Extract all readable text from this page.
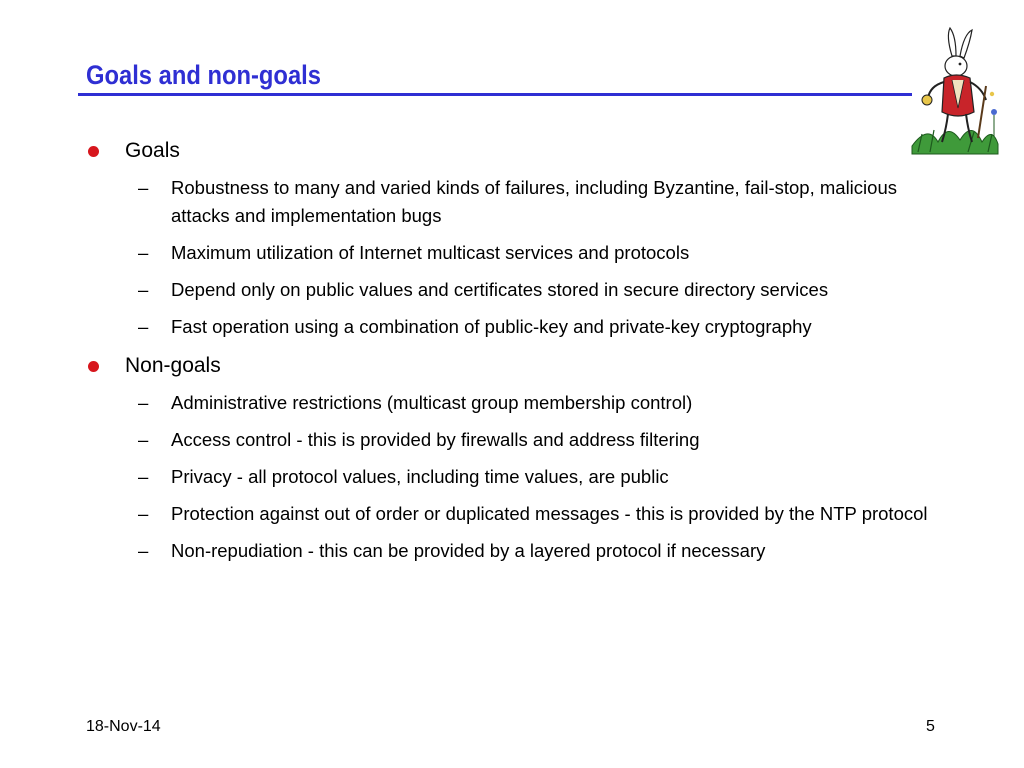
Goals and non-goals
Goals
– Robustness to many and varied kinds of failures, including Byzantine, fail-stop, malicious attacks and implementation bugs
– Maximum utilization of Internet multicast services and protocols
– Depend only on public values and certificates stored in secure directory services
– Fast operation using a combination of public-key and private-key cryptography
Non-goals
– Administrative restrictions (multicast group membership control)
– Access control - this is provided by firewalls and address filtering
– Privacy - all protocol values, including time values, are public
– Protection against out of order or duplicated messages - this is provided by the NTP protocol
– Non-repudiation - this can be provided by a layered protocol if necessary
18-Nov-14	5
